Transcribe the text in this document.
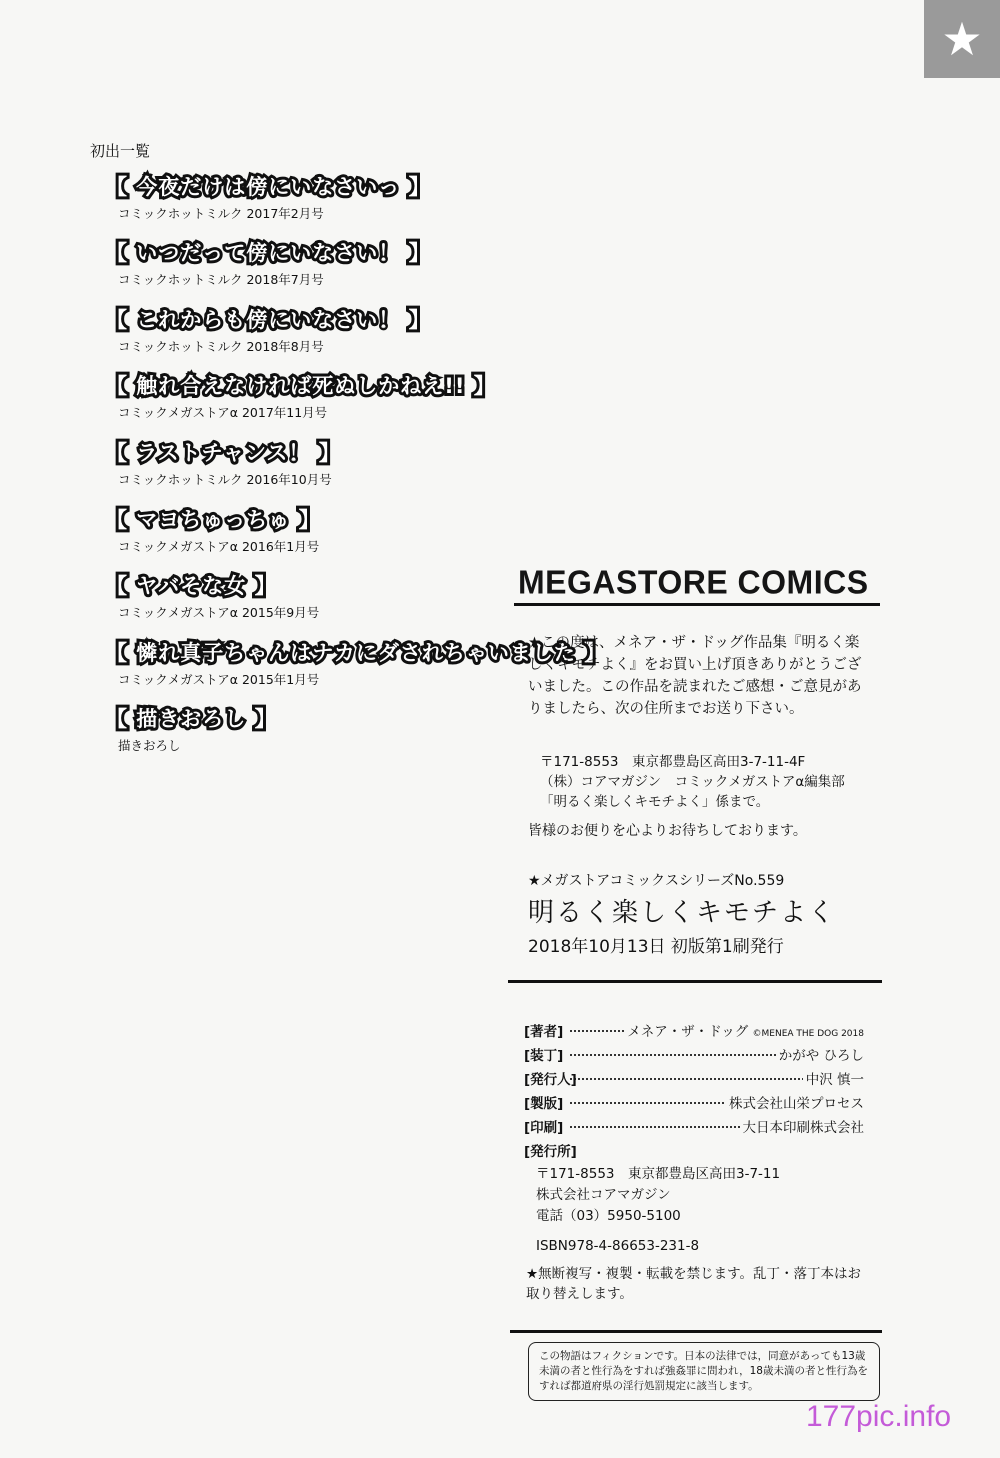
★
初出一覧
【 今夜だけは傍にいなさいっ 】
コミックホットミルク 2017年2月号
【 いつだって傍にいなさい！ 】
コミックホットミルク 2018年7月号
【 これからも傍にいなさい！ 】
コミックホットミルク 2018年8月号
【 触れ合えなければ死ぬしかねえ!! 】
コミックメガストアα 2017年11月号
【 ラストチャンス！ 】
コミックホットミルク 2016年10月号
【 マヨちゅっちゅ 】
コミックメガストアα 2016年1月号
【 ヤバそな女 】
コミックメガストアα 2015年9月号
【 憐れ真子ちゃんはナカにダされちゃいました 】
コミックメガストアα 2015年1月号
【 描きおろし 】
描きおろし
MEGASTORE COMICS
★この度は、メネア・ザ・ドッグ作品集『明るく楽しくキモチよく』をお買い上げ頂きありがとうございました。この作品を読まれたご感想・ご意見がありましたら、次の住所までお送り下さい。
〒171-8553　東京都豊島区高田3-7-11-4F
（株）コアマガジン　コミックメガストアα編集部
「明るく楽しくキモチよく」係まで。
皆様のお便りを心よりお待ちしております。
★メガストアコミックスシリーズNo.559
明るく楽しくキモチよく
2018年10月13日 初版第1刷発行
[著者]	メネア・ザ・ドッグ ©MENEA THE DOG 2018
[装丁]	かがや ひろし
[発行人]	中沢 慎一
[製版]	株式会社山栄プロセス
[印刷]	大日本印刷株式会社
[発行所]
〒171-8553　東京都豊島区高田3-7-11
株式会社コアマガジン
電話（03）5950-5100
ISBN978-4-86653-231-8
★無断複写・複製・転載を禁じます。乱丁・落丁本はお取り替えします。
この物語はフィクションです。日本の法律では，同意があっても13歳未満の者と性行為をすれば強姦罪に問われ，18歳未満の者と性行為をすれば都道府県の淫行処罰規定に該当します。
177pic.info
